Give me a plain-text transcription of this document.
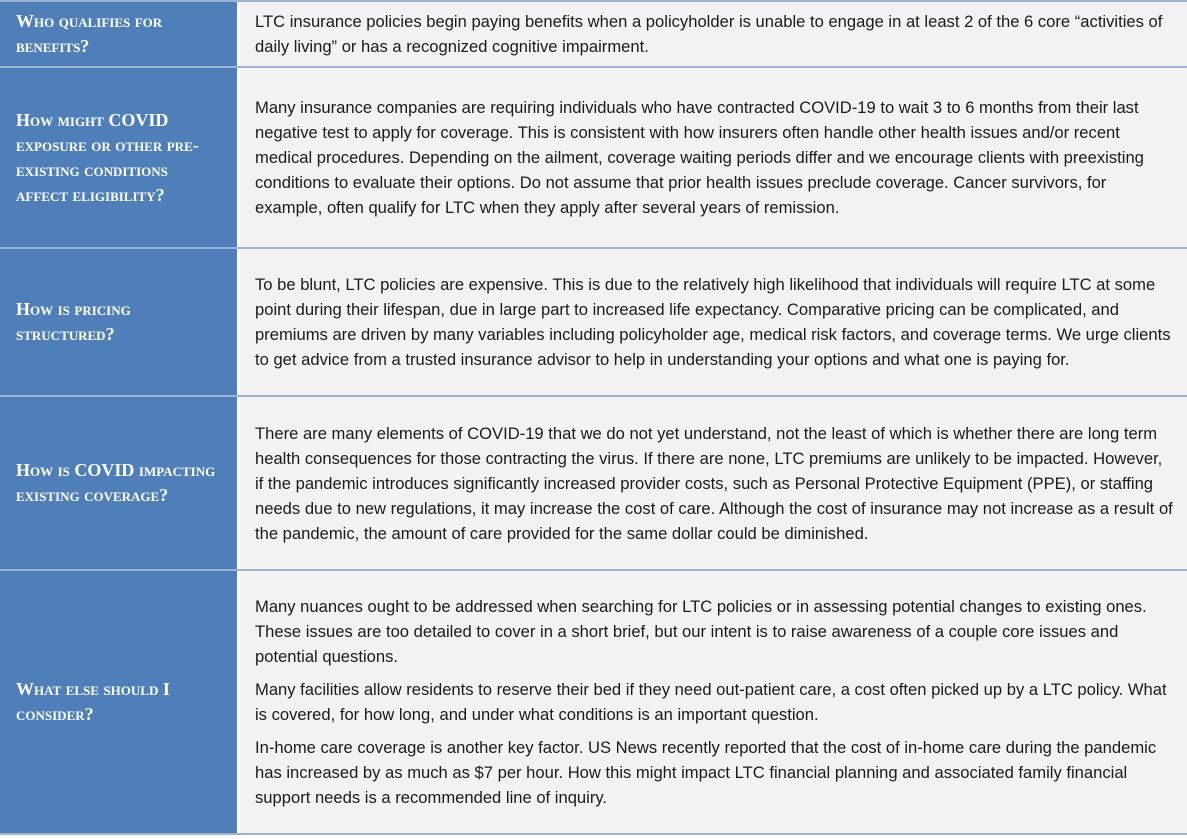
Who qualifies for benefits?

LTC insurance policies begin paying benefits when a policyholder is unable to engage in at least 2 of the 6 core “activities of daily living” or has a recognized cognitive impairment.

How might COVID exposure or other pre-existing conditions affect eligibility?

Many insurance companies are requiring individuals who have contracted COVID-19 to wait 3 to 6 months from their last negative test to apply for coverage. This is consistent with how insurers often handle other health issues and/or recent medical procedures. Depending on the ailment, coverage waiting periods differ and we encourage clients with preexisting conditions to evaluate their options. Do not assume that prior health issues preclude coverage. Cancer survivors, for example, often qualify for LTC when they apply after several years of remission.

How is pricing structured?

To be blunt, LTC policies are expensive. This is due to the relatively high likelihood that individuals will require LTC at some point during their lifespan, due in large part to increased life expectancy. Comparative pricing can be complicated, and premiums are driven by many variables including policyholder age, medical risk factors, and coverage terms. We urge clients to get advice from a trusted insurance advisor to help in understanding your options and what one is paying for.

How is COVID impacting existing coverage?

There are many elements of COVID-19 that we do not yet understand, not the least of which is whether there are long term health consequences for those contracting the virus. If there are none, LTC premiums are unlikely to be impacted. However, if the pandemic introduces significantly increased provider costs, such as Personal Protective Equipment (PPE), or staffing needs due to new regulations, it may increase the cost of care. Although the cost of insurance may not increase as a result of the pandemic, the amount of care provided for the same dollar could be diminished.

What else should I consider?

Many nuances ought to be addressed when searching for LTC policies or in assessing potential changes to existing ones. These issues are too detailed to cover in a short brief, but our intent is to raise awareness of a couple core issues and potential questions.

Many facilities allow residents to reserve their bed if they need out-patient care, a cost often picked up by a LTC policy. What is covered, for how long, and under what conditions is an important question.

In-home care coverage is another key factor. US News recently reported that the cost of in-home care during the pandemic has increased by as much as $7 per hour. How this might impact LTC financial planning and associated family financial support needs is a recommended line of inquiry.
